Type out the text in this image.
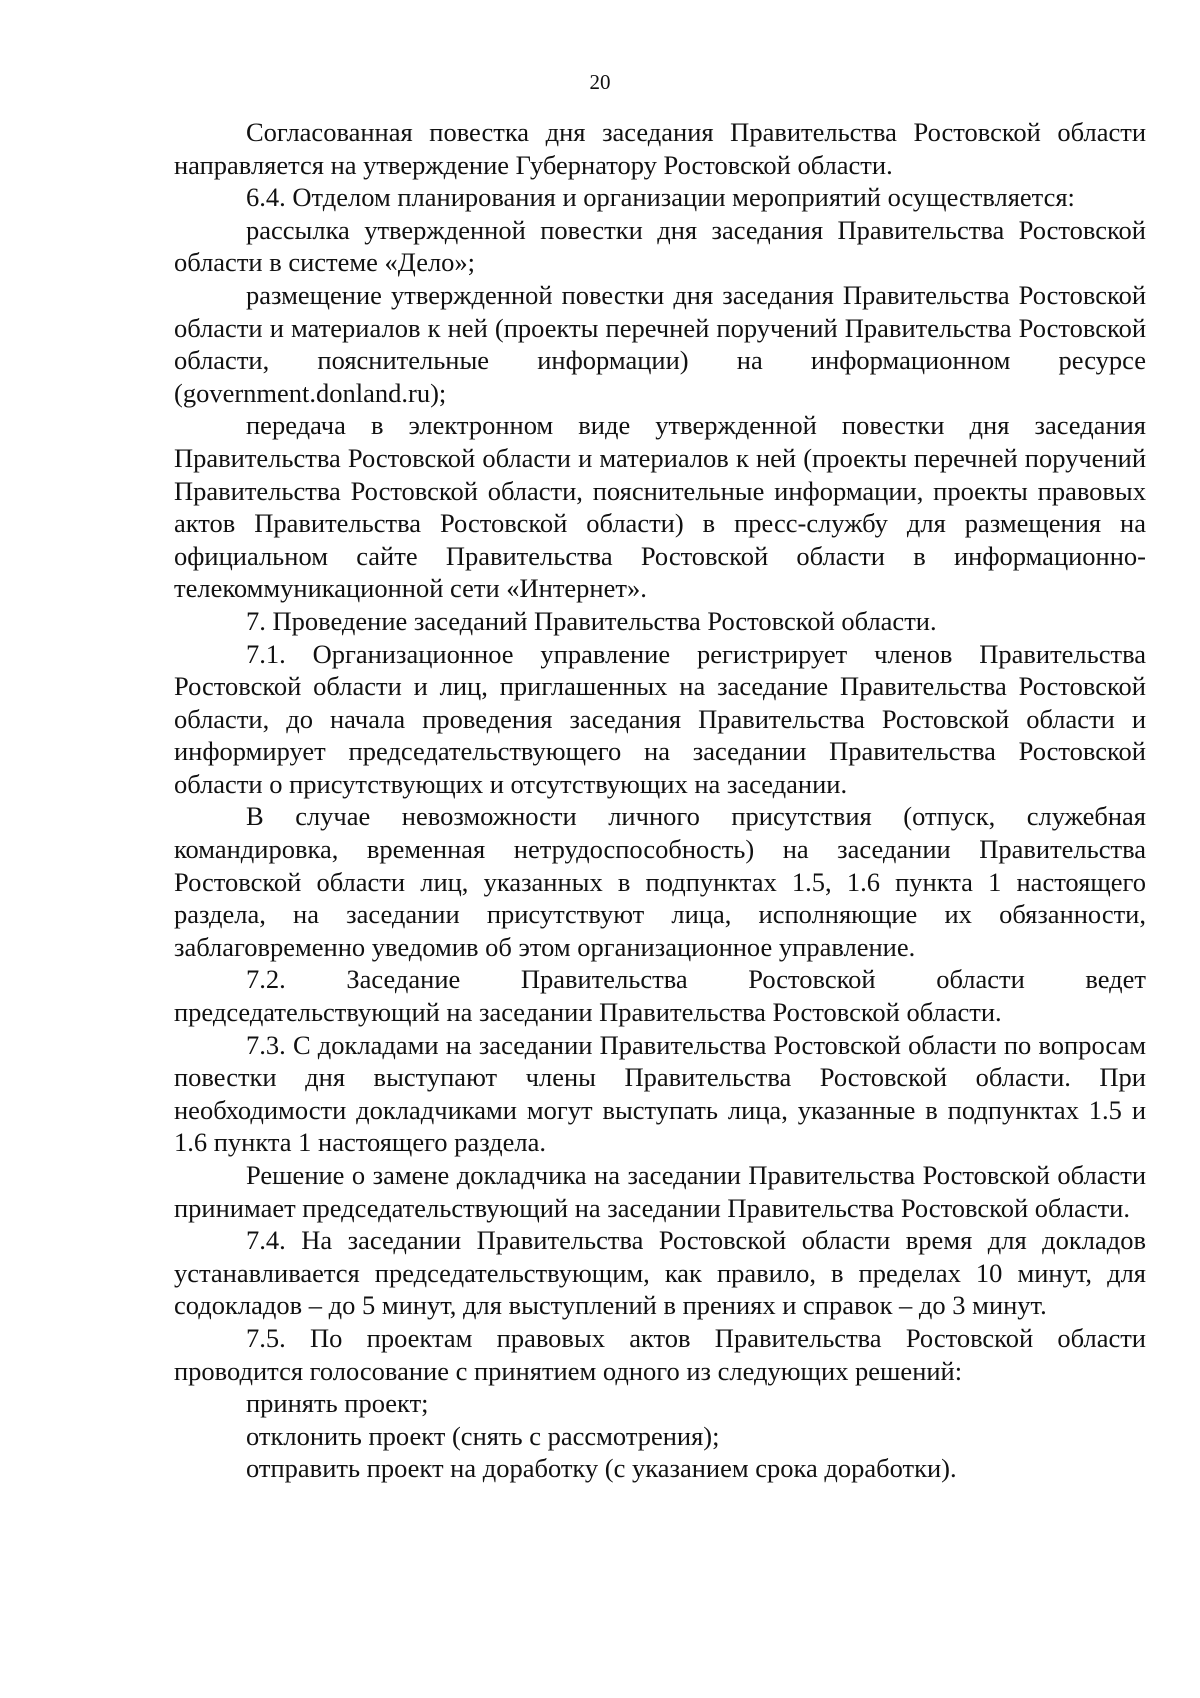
20

Согласованная повестка дня заседания Правительства Ростовской области направляется на утверждение Губернатору Ростовской области.

6.4. Отделом планирования и организации мероприятий осуществляется:

рассылка утвержденной повестки дня заседания Правительства Ростовской области в системе «Дело»;

размещение утвержденной повестки дня заседания Правительства Ростовской области и материалов к ней (проекты перечней поручений Правительства Ростовской области, пояснительные информации) на информационном ресурсе (government.donland.ru);

передача в электронном виде утвержденной повестки дня заседания Правительства Ростовской области и материалов к ней (проекты перечней поручений Правительства Ростовской области, пояснительные информации, проекты правовых актов Правительства Ростовской области) в пресс-службу для размещения на официальном сайте Правительства Ростовской области в информационно-телекоммуникационной сети «Интернет».

7. Проведение заседаний Правительства Ростовской области.

7.1. Организационное управление регистрирует членов Правительства Ростовской области и лиц, приглашенных на заседание Правительства Ростовской области, до начала проведения заседания Правительства Ростовской области и информирует председательствующего на заседании Правительства Ростовской области о присутствующих и отсутствующих на заседании.

В случае невозможности личного присутствия (отпуск, служебная командировка, временная нетрудоспособность) на заседании Правительства Ростовской области лиц, указанных в подпунктах 1.5, 1.6 пункта 1 настоящего раздела, на заседании присутствуют лица, исполняющие их обязанности, заблаговременно уведомив об этом организационное управление.

7.2. Заседание Правительства Ростовской области ведет председательствующий на заседании Правительства Ростовской области.

7.3. С докладами на заседании Правительства Ростовской области по вопросам повестки дня выступают члены Правительства Ростовской области. При необходимости докладчиками могут выступать лица, указанные в подпунктах 1.5 и 1.6 пункта 1 настоящего раздела.

Решение о замене докладчика на заседании Правительства Ростовской области принимает председательствующий на заседании Правительства Ростовской области.

7.4. На заседании Правительства Ростовской области время для докладов устанавливается председательствующим, как правило, в пределах 10 минут, для содокладов – до 5 минут, для выступлений в прениях и справок – до 3 минут.

7.5. По проектам правовых актов Правительства Ростовской области проводится голосование с принятием одного из следующих решений:

принять проект;

отклонить проект (снять с рассмотрения);

отправить проект на доработку (с указанием срока доработки).
